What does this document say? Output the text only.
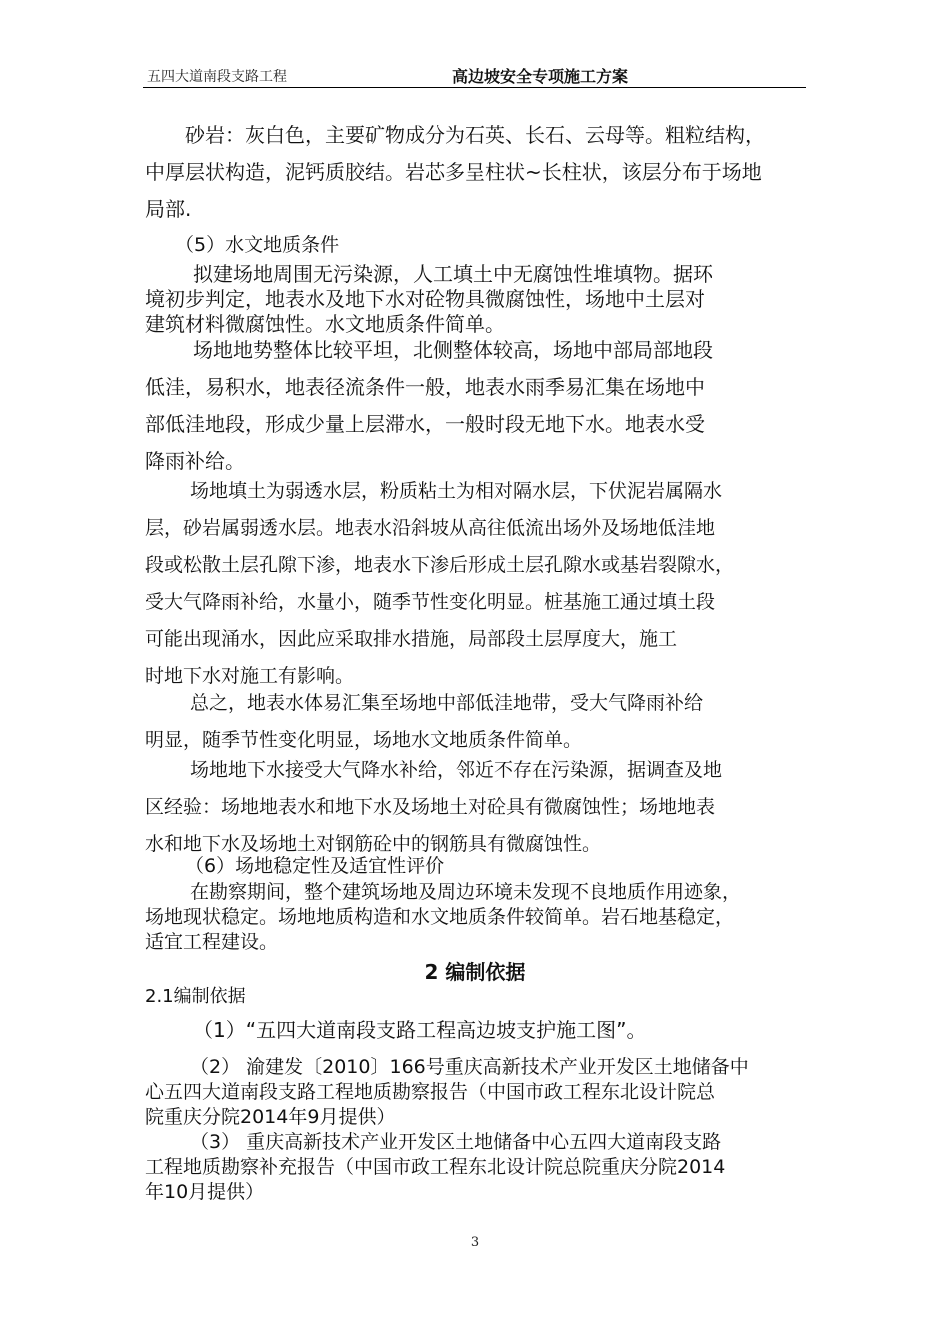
五四大道南段支路工程	高边坡安全专项施工方案
砂岩：灰白色，主要矿物成分为石英、长石、云母等。粗粒结构，
中厚层状构造，泥钙质胶结。岩芯多呈柱状~长柱状，该层分布于场地
局部.
（5）水文地质条件
拟建场地周围无污染源，人工填土中无腐蚀性堆填物。据环
境初步判定，地表水及地下水对砼物具微腐蚀性，场地中土层对
建筑材料微腐蚀性。水文地质条件简单。
场地地势整体比较平坦，北侧整体较高，场地中部局部地段
低洼，易积水，地表径流条件一般，地表水雨季易汇集在场地中
部低洼地段，形成少量上层滞水，一般时段无地下水。地表水受
降雨补给。
场地填土为弱透水层，粉质粘土为相对隔水层，下伏泥岩属隔水
层，砂岩属弱透水层。地表水沿斜坡从高往低流出场外及场地低洼地
段或松散土层孔隙下渗，地表水下渗后形成土层孔隙水或基岩裂隙水，
受大气降雨补给，水量小，随季节性变化明显。桩基施工通过填土段
可能出现涌水，因此应采取排水措施，局部段土层厚度大，施工
时地下水对施工有影响。
总之，地表水体易汇集至场地中部低洼地带，受大气降雨补给
明显，随季节性变化明显，场地水文地质条件简单。
场地地下水接受大气降水补给，邻近不存在污染源，据调查及地
区经验：场地地表水和地下水及场地土对砼具有微腐蚀性；场地地表
水和地下水及场地土对钢筋砼中的钢筋具有微腐蚀性。
（6）场地稳定性及适宜性评价
在勘察期间，整个建筑场地及周边环境未发现不良地质作用迹象，
场地现状稳定。场地地质构造和水文地质条件较简单。岩石地基稳定，
适宜工程建设。
2 编制依据
2.1编制依据
（1）“五四大道南段支路工程高边坡支护施工图”。
（2） 渝建发〔2010〕166号重庆高新技术产业开发区土地储备中
心五四大道南段支路工程地质勘察报告（中国市政工程东北设计院总
院重庆分院2014年9月提供）
（3） 重庆高新技术产业开发区土地储备中心五四大道南段支路
工程地质勘察补充报告（中国市政工程东北设计院总院重庆分院2014
年10月提供）
3
